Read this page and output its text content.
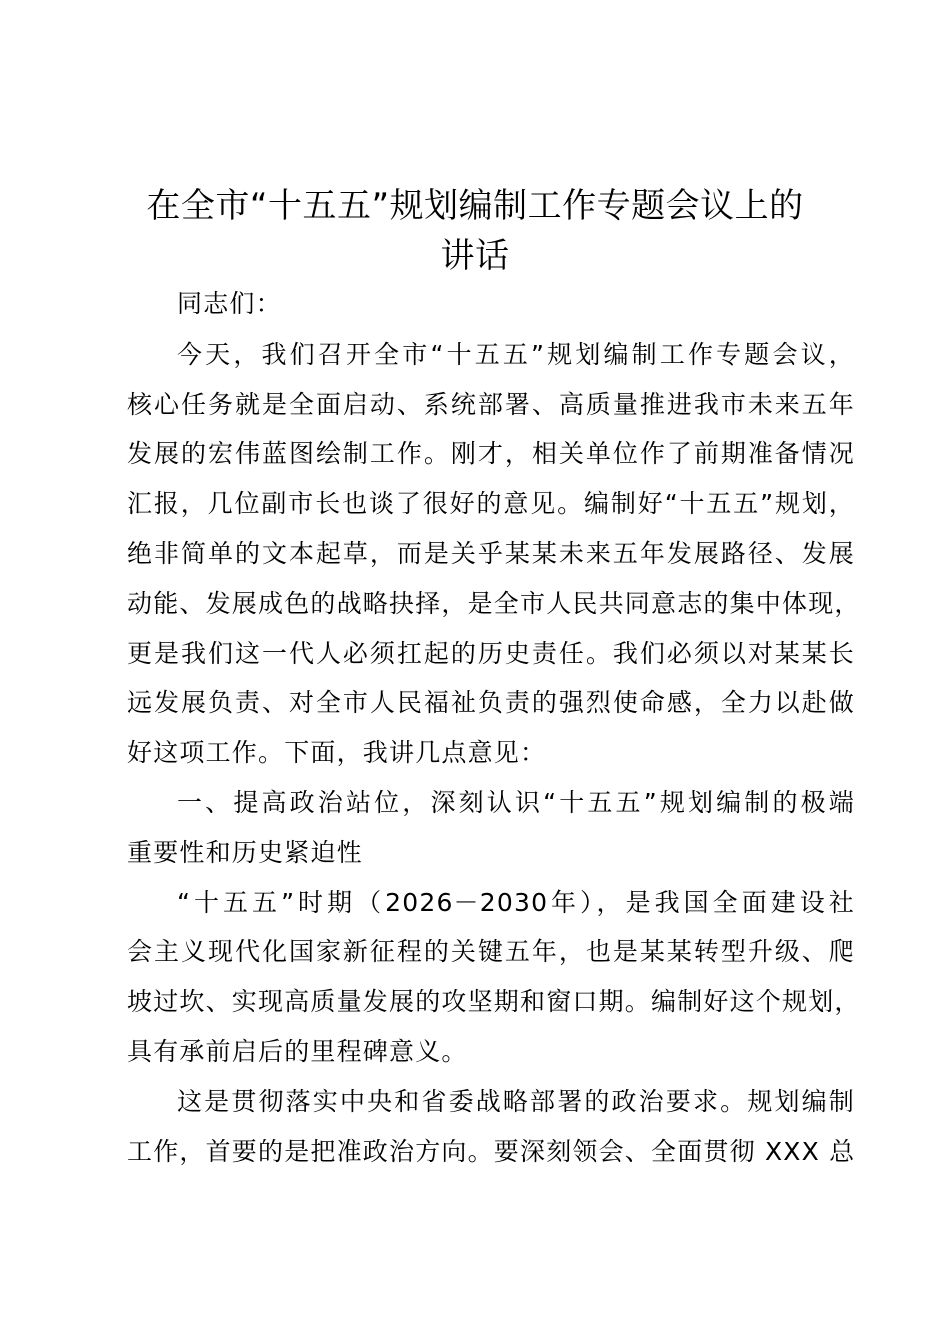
在全市“十五五”规划编制工作专题会议上的
讲话
同志们：
今天，我们召开全市“十五五”规划编制工作专题会议，
核心任务就是全面启动、系统部署、高质量推进我市未来五年
发展的宏伟蓝图绘制工作。刚才，相关单位作了前期准备情况
汇报，几位副市长也谈了很好的意见。编制好“十五五”规划，
绝非简单的文本起草，而是关乎某某未来五年发展路径、发展
动能、发展成色的战略抉择，是全市人民共同意志的集中体现，
更是我们这一代人必须扛起的历史责任。我们必须以对某某长
远发展负责、对全市人民福祉负责的强烈使命感，全力以赴做
好这项工作。下面，我讲几点意见：
一、提高政治站位，深刻认识“十五五”规划编制的极端
重要性和历史紧迫性
“十五五”时期（2026－2030年），是我国全面建设社
会主义现代化国家新征程的关键五年，也是某某转型升级、爬
坡过坎、实现高质量发展的攻坚期和窗口期。编制好这个规划，
具有承前启后的里程碑意义。
这是贯彻落实中央和省委战略部署的政治要求。规划编制
工作，首要的是把准政治方向。要深刻领会、全面贯彻 XXX 总
